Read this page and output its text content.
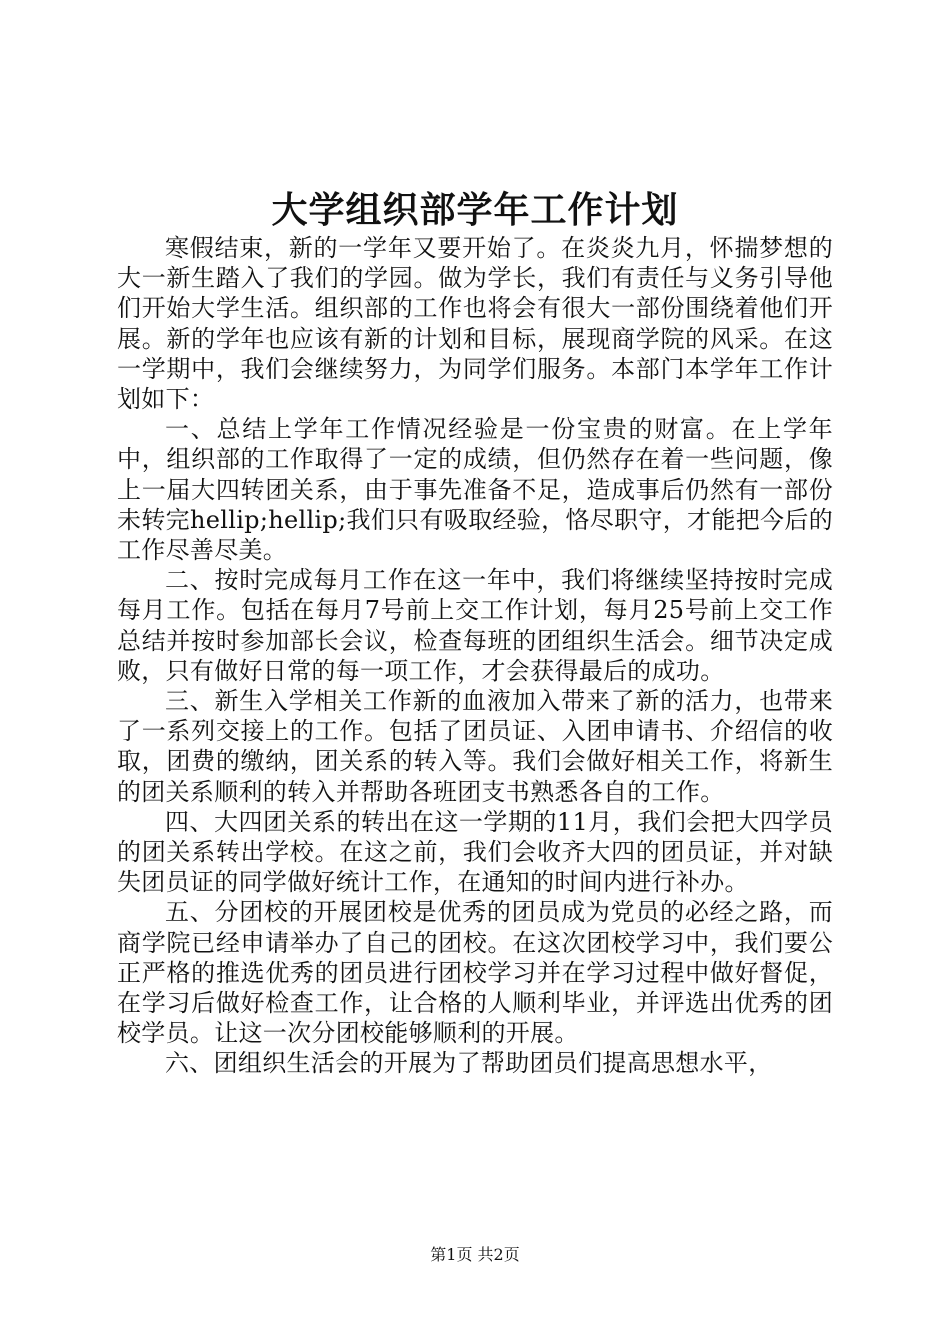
大学组织部学年工作计划

寒假结束，新的一学年又要开始了。在炎炎九月，怀揣梦想的大一新生踏入了我们的学园。做为学长，我们有责任与义务引导他们开始大学生活。组织部的工作也将会有很大一部份围绕着他们开展。新的学年也应该有新的计划和目标，展现商学院的风采。在这一学期中，我们会继续努力，为同学们服务。本部门本学年工作计划如下：

一、总结上学年工作情况经验是一份宝贵的财富。在上学年中，组织部的工作取得了一定的成绩，但仍然存在着一些问题，像上一届大四转团关系，由于事先准备不足，造成事后仍然有一部份未转完hellip;hellip;我们只有吸取经验，恪尽职守，才能把今后的工作尽善尽美。

二、按时完成每月工作在这一年中，我们将继续坚持按时完成每月工作。包括在每月7号前上交工作计划，每月25号前上交工作总结并按时参加部长会议，检查每班的团组织生活会。细节决定成败，只有做好日常的每一项工作，才会获得最后的成功。

三、新生入学相关工作新的血液加入带来了新的活力，也带来了一系列交接上的工作。包括了团员证、入团申请书、介绍信的收取，团费的缴纳，团关系的转入等。我们会做好相关工作，将新生的团关系顺利的转入并帮助各班团支书熟悉各自的工作。

四、大四团关系的转出在这一学期的11月，我们会把大四学员的团关系转出学校。在这之前，我们会收齐大四的团员证，并对缺失团员证的同学做好统计工作，在通知的时间内进行补办。

五、分团校的开展团校是优秀的团员成为党员的必经之路，而商学院已经申请举办了自己的团校。在这次团校学习中，我们要公正严格的推选优秀的团员进行团校学习并在学习过程中做好督促，在学习后做好检查工作，让合格的人顺利毕业，并评选出优秀的团校学员。让这一次分团校能够顺利的开展。

六、团组织生活会的开展为了帮助团员们提高思想水平，

第1页 共2页
